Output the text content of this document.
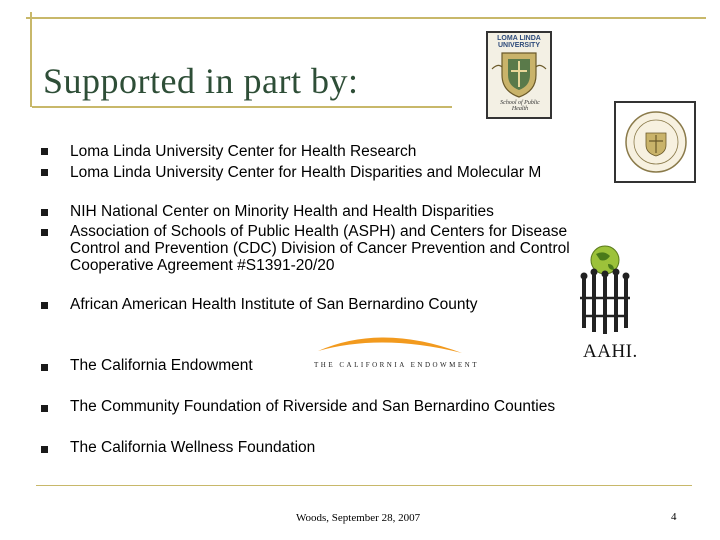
Supported in part by:
Loma Linda University Center for Health Research
Loma Linda University Center for Health Disparities and Molecular M
NIH National Center on Minority Health and Health Disparities
Association of Schools of Public Health (ASPH) and Centers for Disease
Control and Prevention (CDC) Division of Cancer Prevention and Control
Cooperative Agreement #S1391-20/20
African American Health Institute of San Bernardino County
The California Endowment
The Community Foundation of Riverside and San Bernardino Counties
The California Wellness Foundation
LOMA LINDA UNIVERSITY
School of Public Health
THE CALIFORNIA ENDOWMENT
AAHI.
Woods, September 28, 2007	4
